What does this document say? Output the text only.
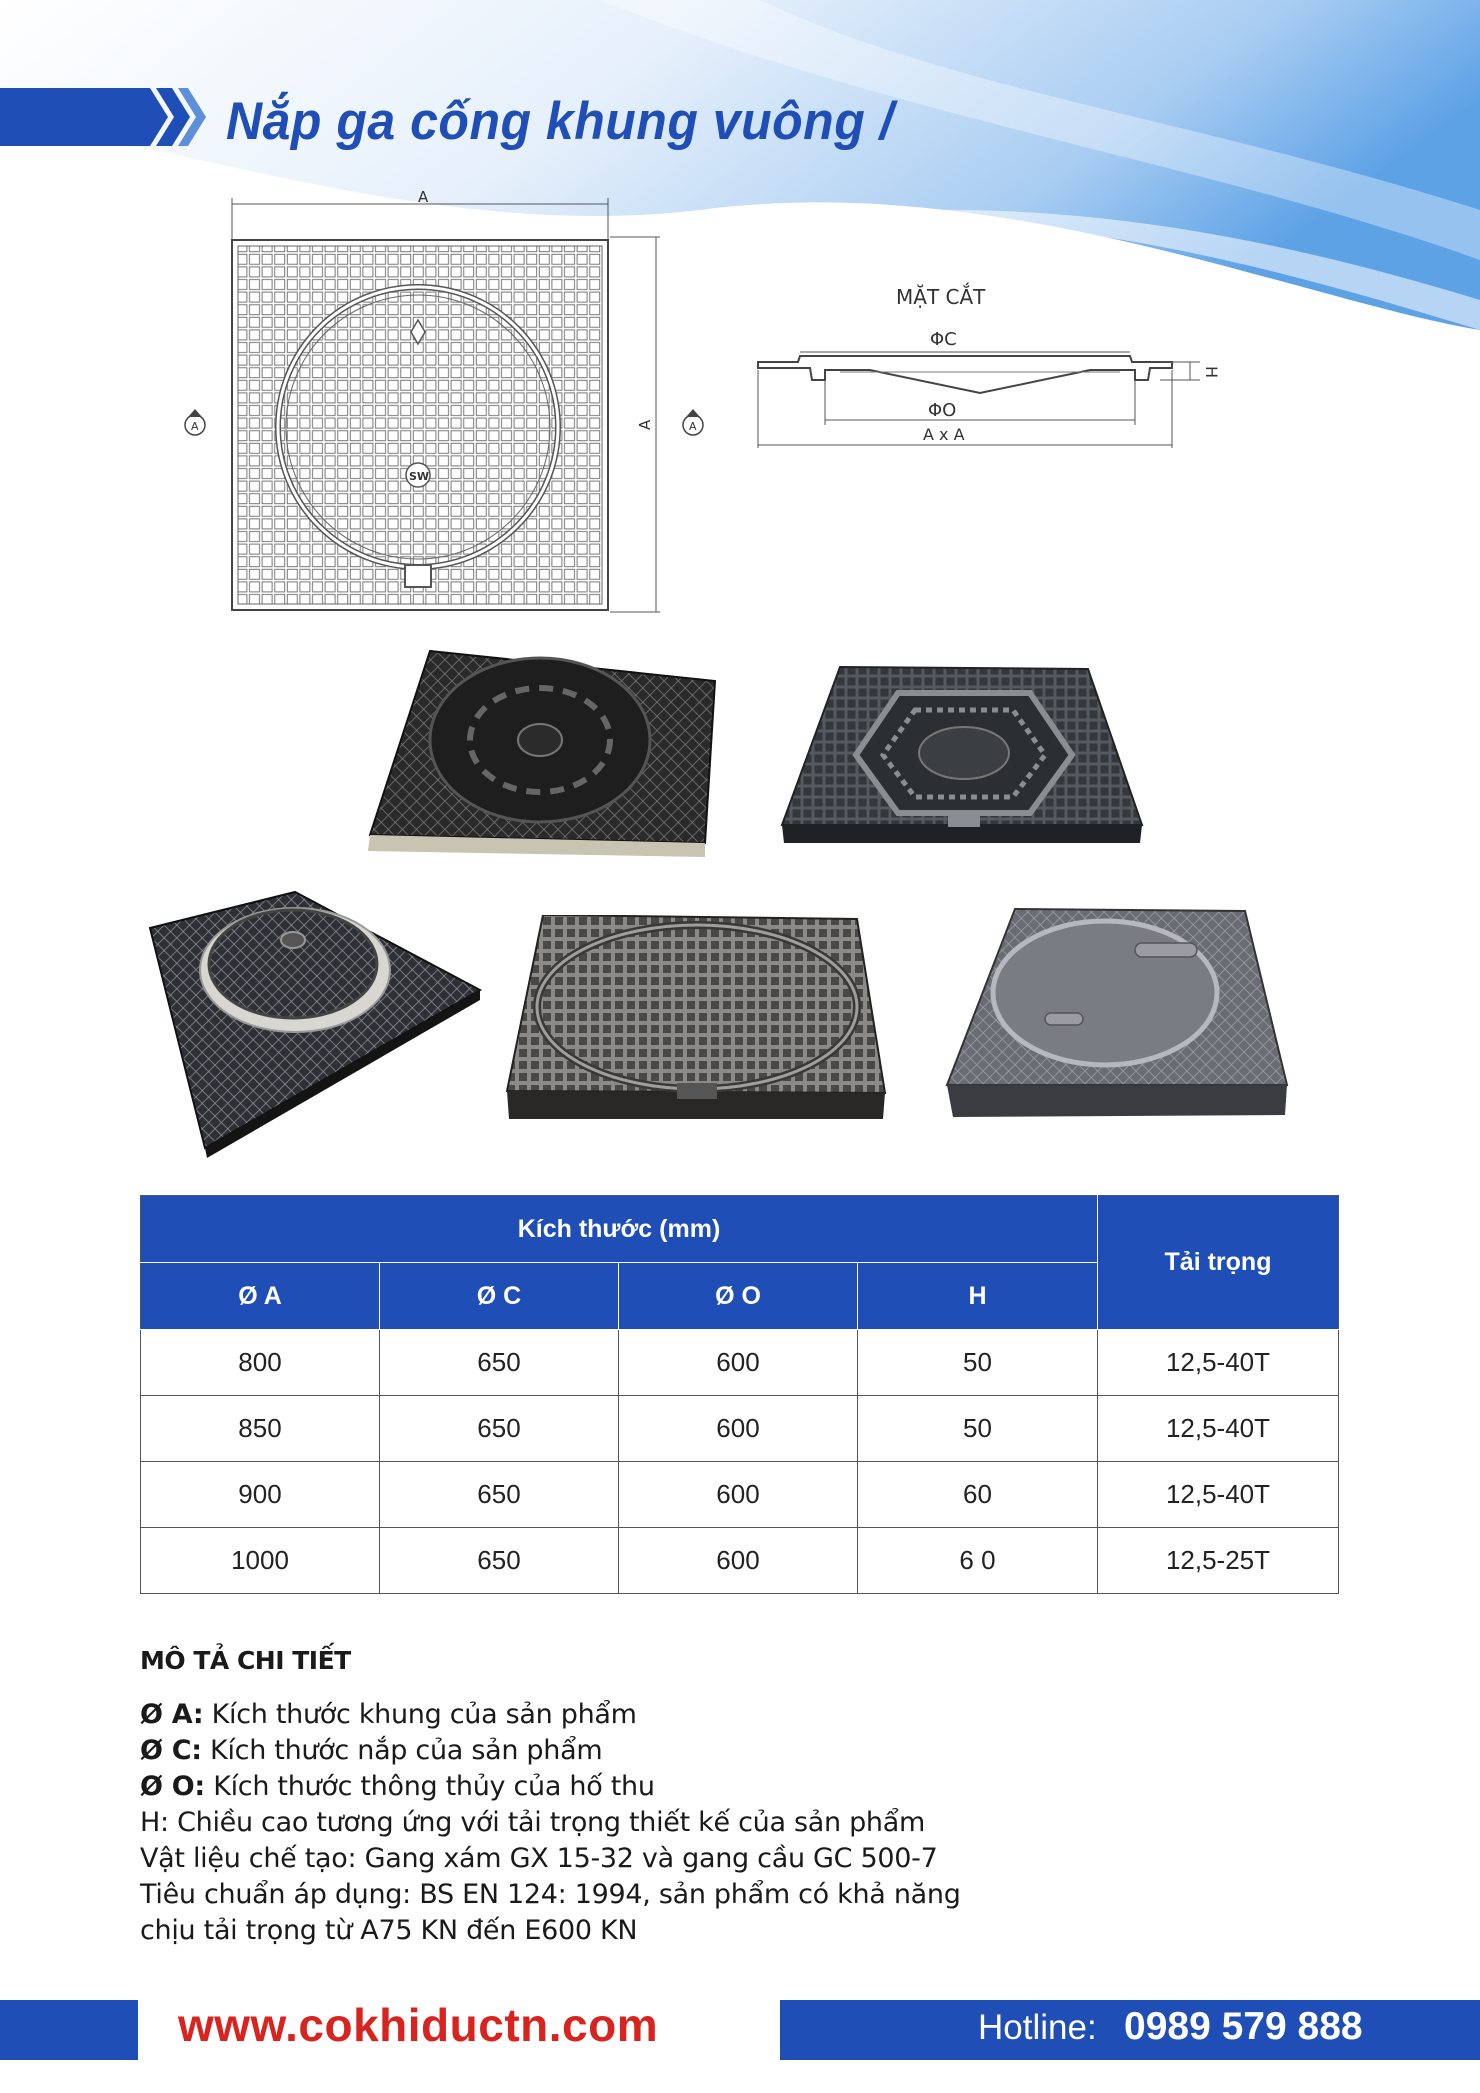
Nắp ga cống khung vuông /
A
A
SW
A	A
MẶT CẮT
ΦC
H
ΦO
A x A
Kích thước (mm)				Tải trọng
Ø A	Ø C	Ø O	H	
800	650	600	50	12,5-40T
850	650	600	50	12,5-40T
900	650	600	60	12,5-40T
1000	650	600	6 0	12,5-25T

MÔ TẢ CHI TIẾT

Ø A: Kích thước khung của sản phẩm

Ø C: Kích thước nắp của sản phẩm

Ø O: Kích thước thông thủy của hố thu

H: Chiều cao tương ứng với tải trọng thiết kế của sản phẩm

Vật liệu chế tạo: Gang xám GX 15-32 và gang cầu GC 500-7

Tiêu chuẩn áp dụng: BS EN 124: 1994, sản phẩm có khả năng

chịu tải trọng từ A75 KN đến E600 KN

www.cokhiductn.com	Hotline: 0989 579 888
